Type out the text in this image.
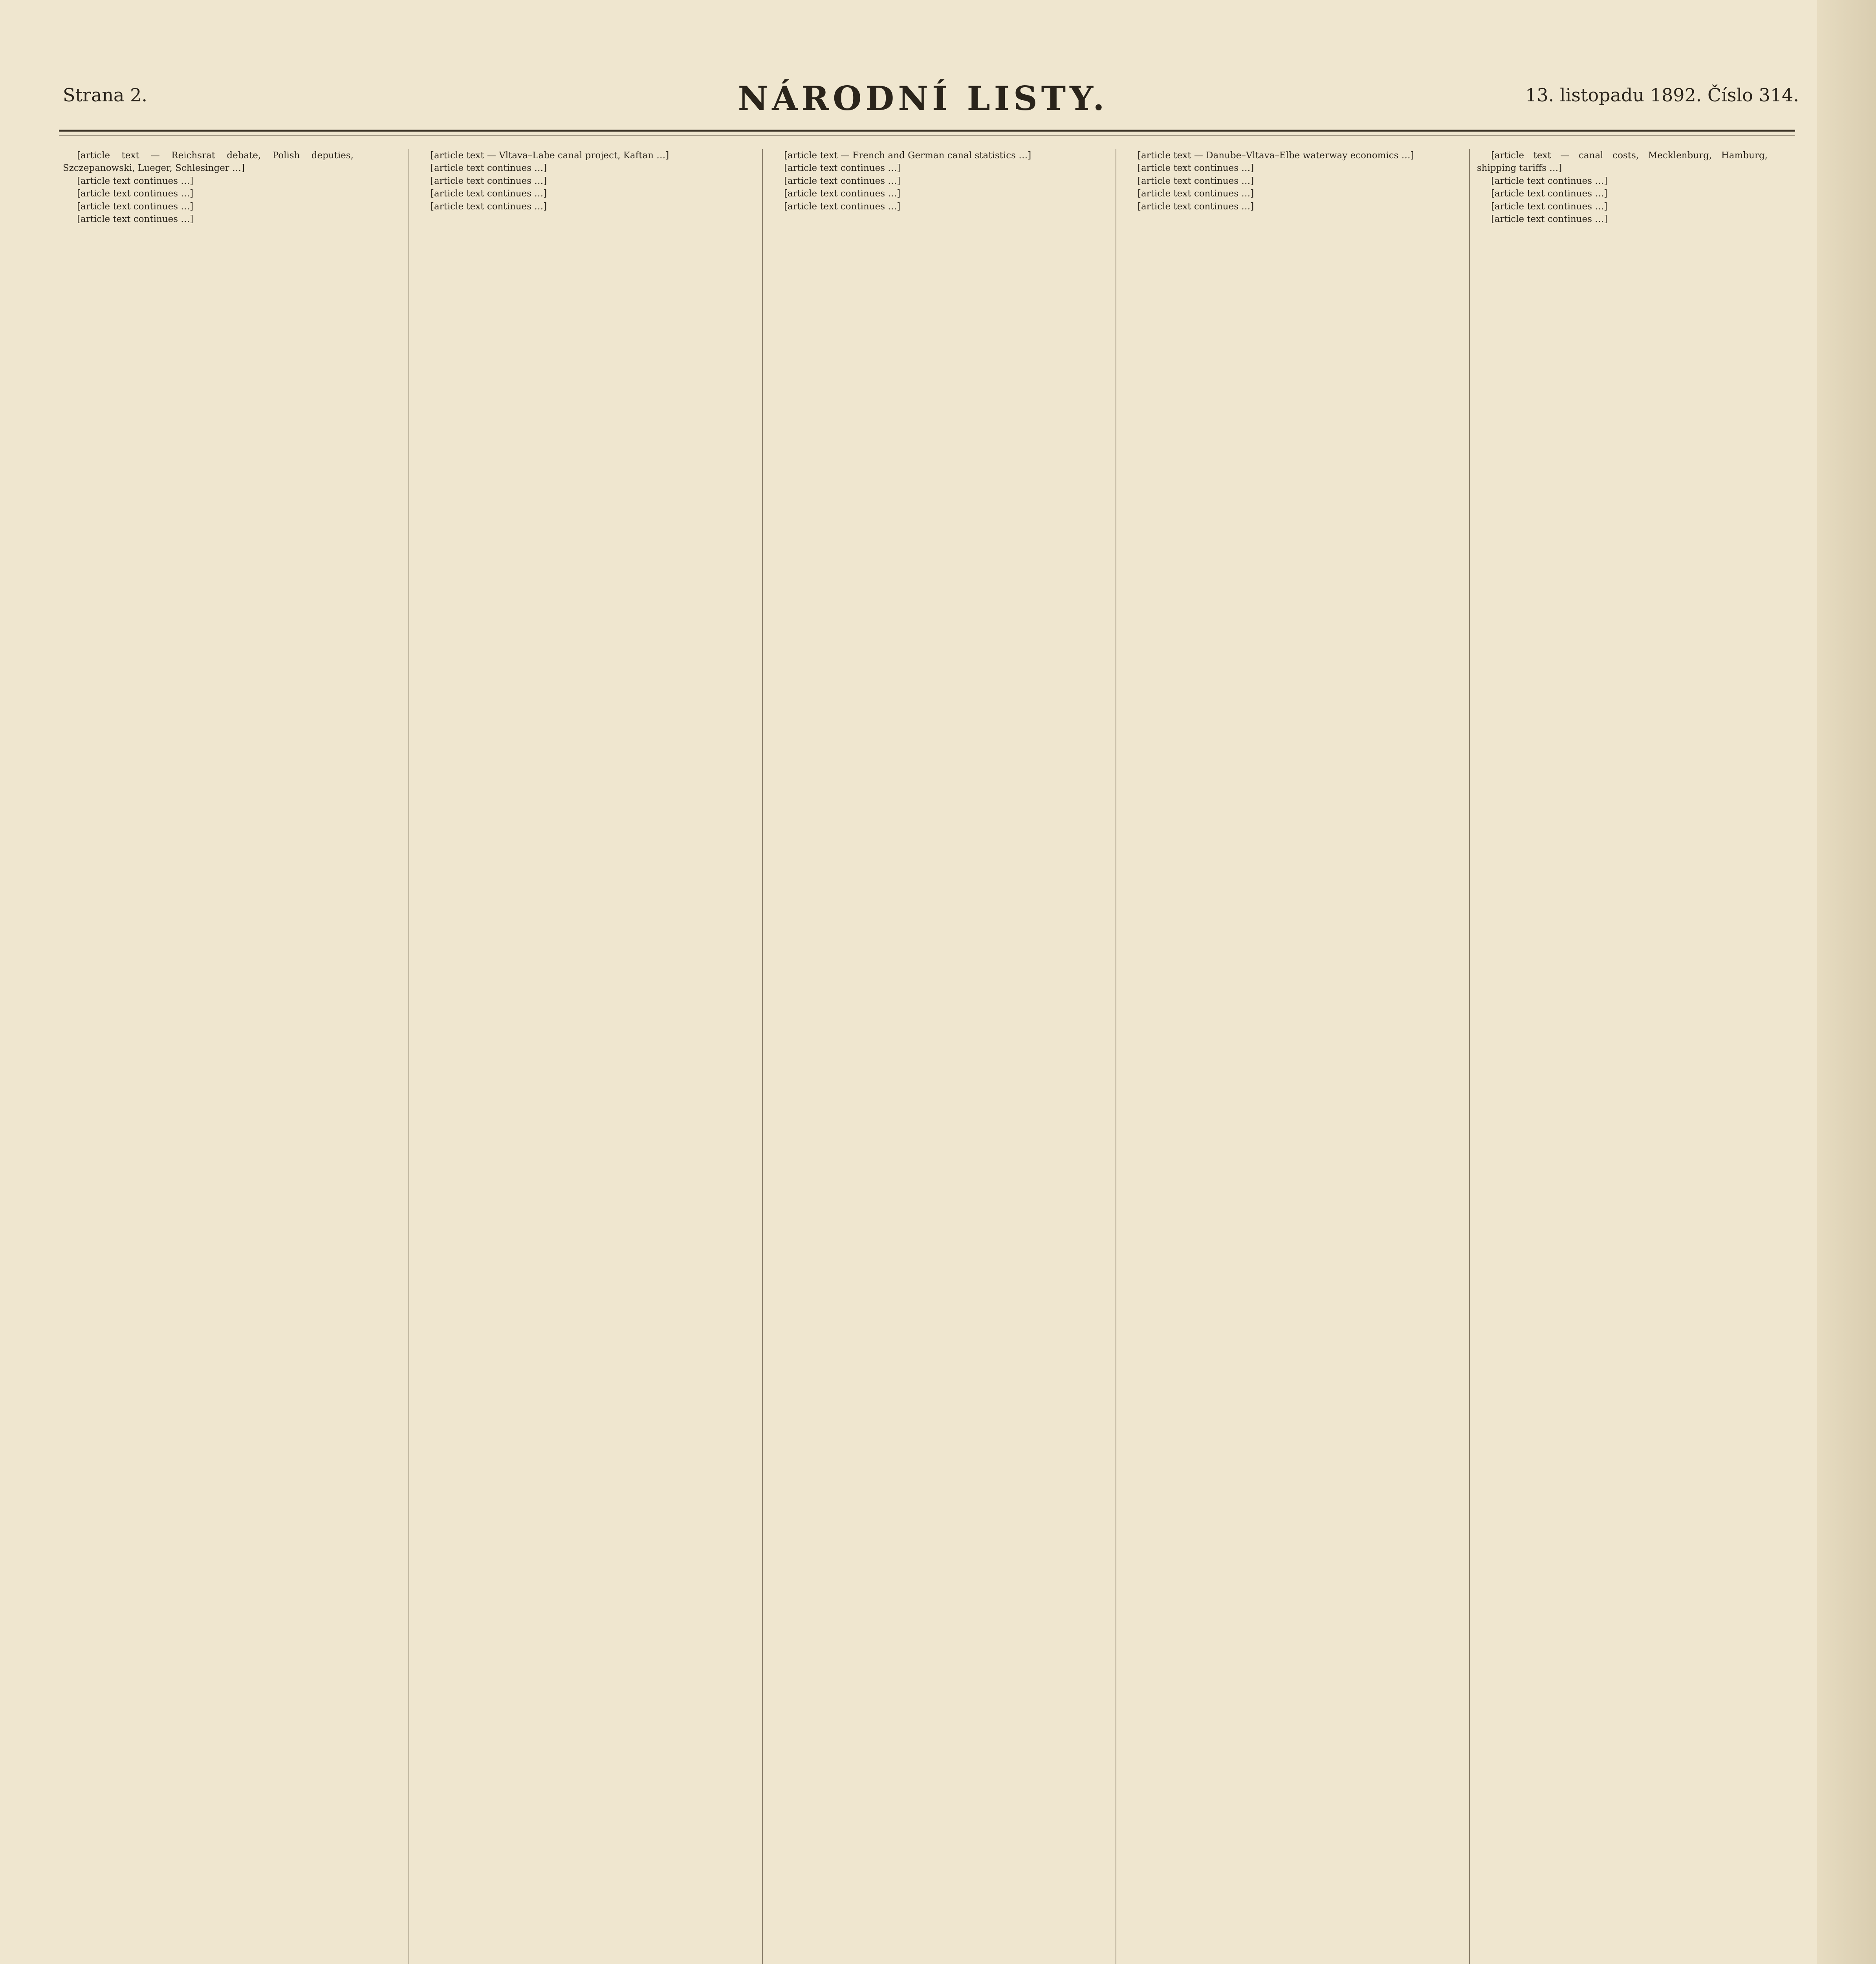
Strana 2.	NÁRODNÍ LISTY.	13. listopadu 1892. Číslo 314.

[article text — Reichsrat debate, Polish deputies, Szczepanowski, Lueger, Schlesinger …]

[article text continues …]

[article text continues …]

[article text continues …]

[article text continues …]

[article text — Vltava–Labe canal project, Kaftan …]

[article text continues …]

[article text continues …]

[article text continues …]

[article text continues …]

[article text — French and German canal statistics …]

[article text continues …]

[article text continues …]

[article text continues …]

[article text continues …]

[article text — Danube–Vltava–Elbe waterway economics …]

[article text continues …]

[article text continues …]

[article text continues …]

[article text continues …]

[article text — canal costs, Mecklenburg, Hamburg, shipping tariffs …]

[article text continues …]

[article text continues …]

[article text continues …]

[article text continues …]
